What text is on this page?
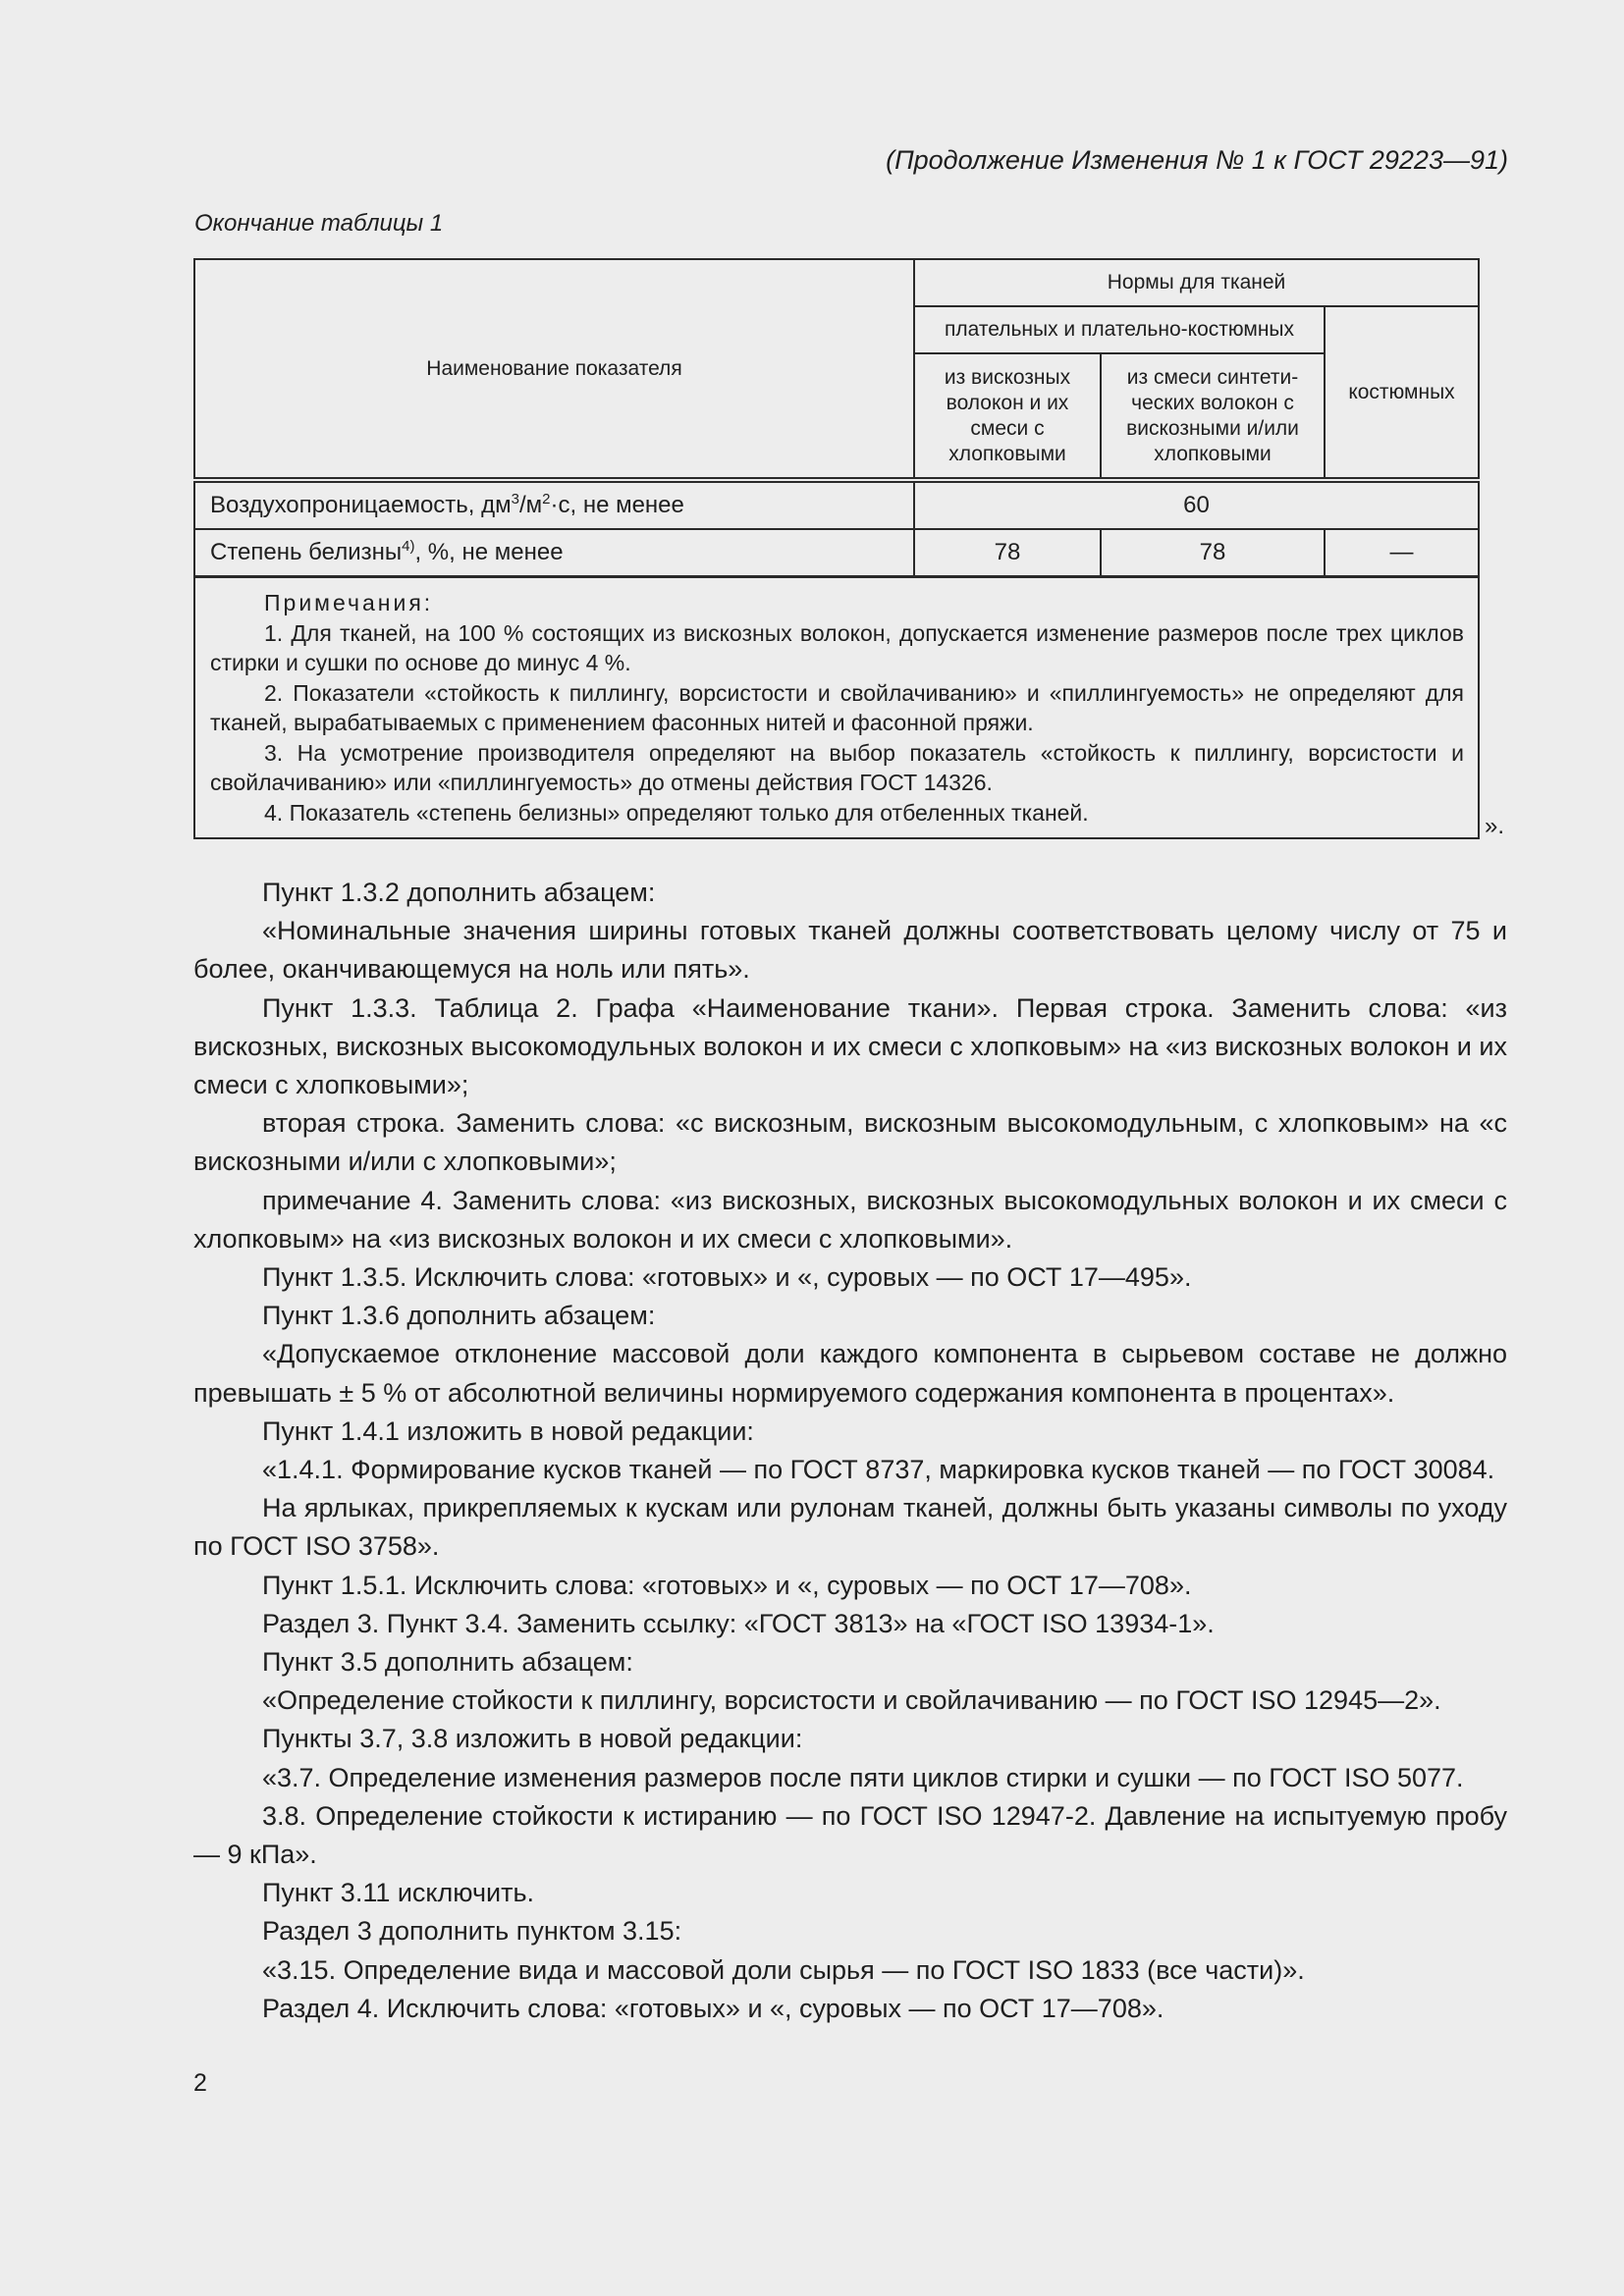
(Продолжение Изменения № 1 к ГОСТ 29223—91)
Окончание таблицы 1
Наименование показателя	Нормы для тканей		
	плательных и плательно-костюмных		костюмных

	из вискозных волокон и их смеси с хлопковыми	из смеси синтети-ческих волокон с вискозными и/или хлопковыми	

Воздухопроницаемость, $дм^3/м^2\cdot с$, не менее	60		
Степень белизны$^{4)}$, %, не менее	78	78	—

Примечания:
1. Для тканей, на 100 % состоящих из вискозных волокон, допускается изменение размеров после трех циклов стирки и сушки по основе до минус 4 %.
2. Показатели «стойкость к пиллингу, ворсистости и свойлачиванию» и «пиллингуемость» не определяют для тканей, вырабатываемых с применением фасонных нитей и фасонной пряжи.
3. На усмотрение производителя определяют на выбор показатель «стойкость к пиллингу, ворсистости и свойлачиванию» или «пиллингуемость» до отмены действия ГОСТ 14326.
4. Показатель «степень белизны» определяют только для отбеленных тканей.			
».

Пункт 1.3.2 дополнить абзацем:

«Номинальные значения ширины готовых тканей должны соответствовать целому числу от 75 и более, оканчивающемуся на ноль или пять».

Пункт 1.3.3. Таблица 2. Графа «Наименование ткани». Первая строка. Заменить слова: «из вискозных, вискозных высокомодульных волокон и их смеси с хлопковым» на «из вискозных волокон и их смеси с хлопковыми»;

вторая строка. Заменить слова: «с вискозным, вискозным высокомодульным, с хлопковым» на «с вискозными и/или с хлопковыми»;

примечание 4. Заменить слова: «из вискозных, вискозных высокомодульных волокон и их смеси с хлопковым» на «из вискозных волокон и их смеси с хлопковыми».

Пункт 1.3.5. Исключить слова: «готовых» и «, суровых — по ОСТ 17—495».

Пункт 1.3.6 дополнить абзацем:

«Допускаемое отклонение массовой доли каждого компонента в сырьевом составе не должно превышать ± 5 % от абсолютной величины нормируемого содержания компонента в процентах».

Пункт 1.4.1 изложить в новой редакции:

«1.4.1. Формирование кусков тканей — по ГОСТ 8737, маркировка кусков тканей — по ГОСТ 30084.

На ярлыках, прикрепляемых к кускам или рулонам тканей, должны быть указаны символы по уходу по ГОСТ ISO 3758».

Пункт 1.5.1. Исключить слова: «готовых» и «, суровых — по ОСТ 17—708».

Раздел 3. Пункт 3.4. Заменить ссылку: «ГОСТ 3813» на «ГОСТ ISO 13934-1».

Пункт 3.5 дополнить абзацем:

«Определение стойкости к пиллингу, ворсистости и свойлачиванию — по ГОСТ ISO 12945—2».

Пункты 3.7, 3.8 изложить в новой редакции:

«3.7. Определение изменения размеров после пяти циклов стирки и сушки — по ГОСТ ISO 5077.

3.8. Определение стойкости к истиранию — по ГОСТ ISO 12947-2. Давление на испытуемую пробу — 9 кПа».

Пункт 3.11 исключить.

Раздел 3 дополнить пунктом 3.15:

«3.15. Определение вида и массовой доли сырья — по ГОСТ ISO 1833 (все части)».

Раздел 4. Исключить слова: «готовых» и «, суровых — по ОСТ 17—708».

2
